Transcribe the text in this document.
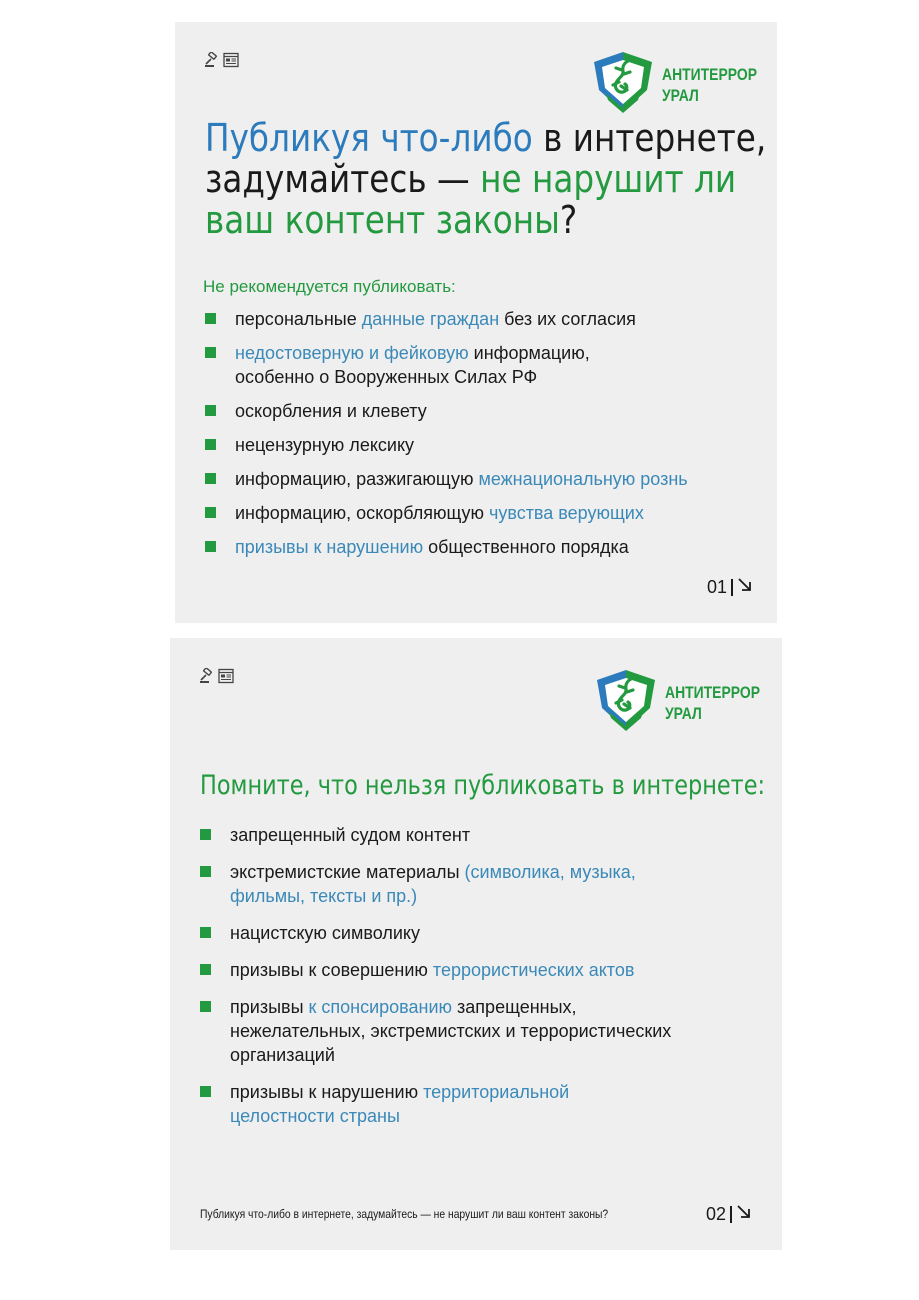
АНТИТЕРРОР
УРАЛ
Публикуя что-либо в интернете,
задумайтесь — не нарушит ли
ваш контент законы?
Не рекомендуется публиковать:
персональные данные граждан без их согласия
недостоверную и фейковую информацию,
особенно о Вооруженных Силах РФ
оскорбления и клевету
нецензурную лексику
информацию, разжигающую межнациональную рознь
информацию, оскорбляющую чувства верующих
призывы к нарушению общественного порядка
01
АНТИТЕРРОР
УРАЛ
Помните, что нельзя публиковать в интернете:
запрещенный судом контент
экстремистские материалы (символика, музыка,
фильмы, тексты и пр.)
нацистскую символику
призывы к совершению террористических актов
призывы к спонсированию запрещенных,
нежелательных, экстремистских и террористических
организаций
призывы к нарушению территориальной
целостности страны
Публикуя что-либо в интернете, задумайтесь — не нарушит ли ваш контент законы?	02
